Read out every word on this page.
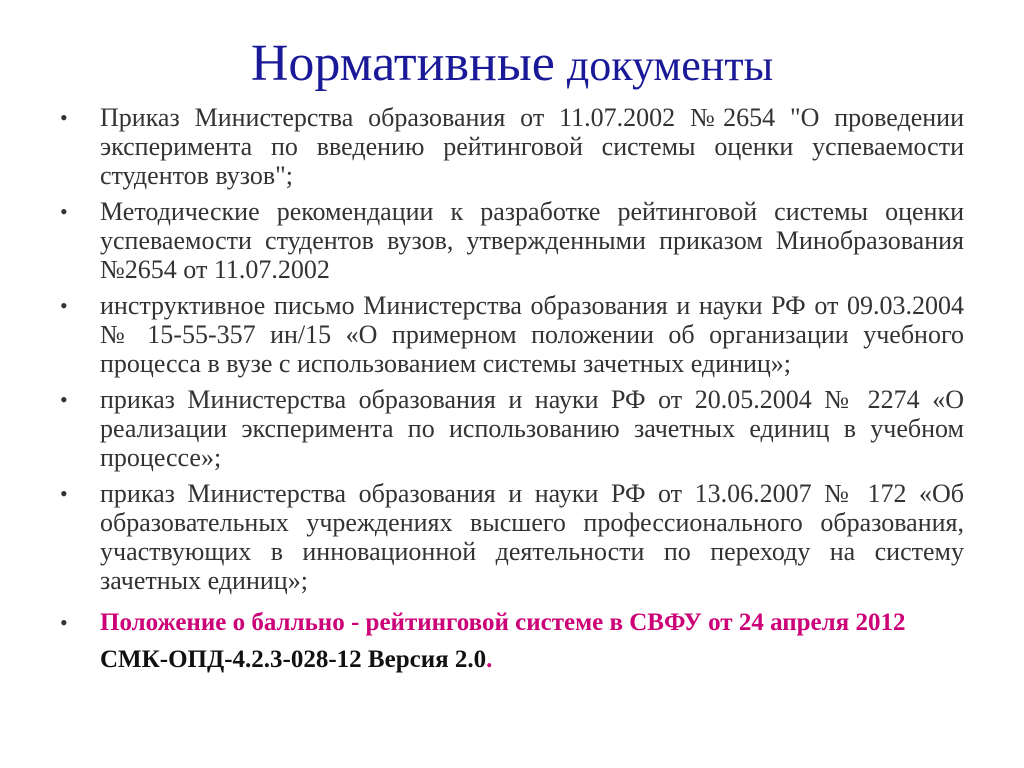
Нормативные документы
• Приказ Министерства образования от 11.07.2002 №2654 "О проведении эксперимента по введению рейтинговой системы оценки успеваемости студентов вузов";
• Методические рекомендации к разработке рейтинговой системы оценки успеваемости студентов вузов, утвержденными приказом Минобразования №2654 от 11.07.2002
• инструктивное письмо Министерства образования и науки РФ от 09.03.2004 № 15-55-357 ин/15 «О примерном положении об организации учебного процесса в вузе с использованием системы зачетных единиц»;
• приказ Министерства образования и науки РФ от 20.05.2004 № 2274 «О реализации эксперимента по использованию зачетных единиц в учебном процессе»;
• приказ Министерства образования и науки РФ от 13.06.2007 № 172 «Об образовательных учреждениях высшего профессионального образования, участвующих в инновационной деятельности по переходу на систему зачетных единиц»;
• Положение о балльно - рейтинговой системе в СВФУ от 24 апреля 2012 СМК-ОПД-4.2.3-028-12 Версия 2.0.
